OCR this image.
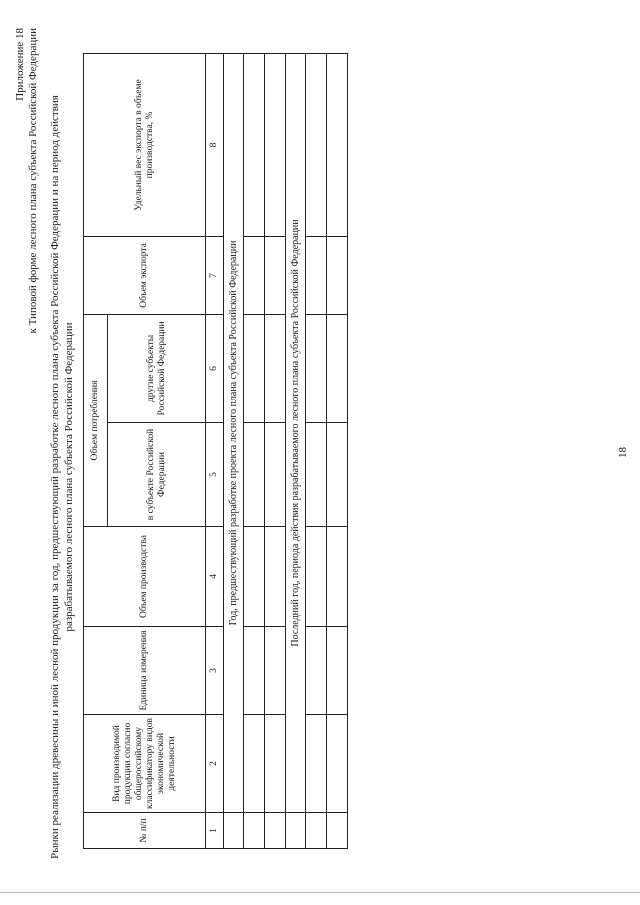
18
Приложение 18 к Типовой форме лесного плана субъекта Российской Федерации Рынки реализации древесины и иной лесной продукции за год, предшествующий разработке лесного плана субъекта Российской Федерации и на период действия разрабатываемого лесного плана субъекта Российской Федерации
№ п/п	Вид производимой продукции согласно общероссийскому классификатору видов экономической деятельности	Единица измерения	Объем производства	Объем потребления		Объем экспорта	Удельный вес экспорта в объеме производства, %
				в субъекте Российской Федерации	другие субъекты Российской Федерации		
1	2	3	4	5	6	7	8
	Год, предшествующий разработке проекта лесного плана субъекта Российской Федерации						

	Последний год, периода действия разрабатываемого лесного плана субъекта Российской Федерации						
